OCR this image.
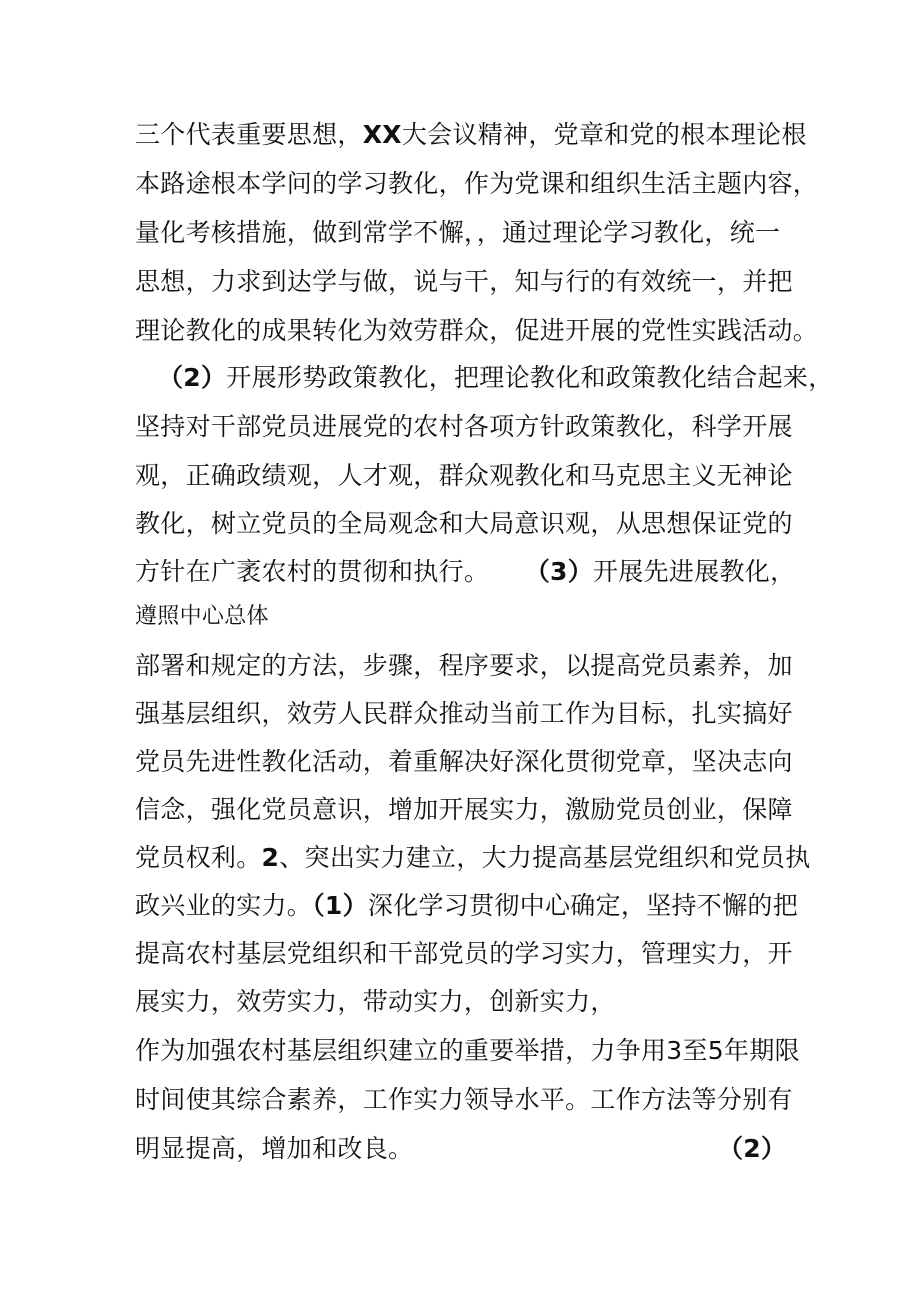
三个代表重要思想，XX大会议精神，党章和党的根本理论根

本路途根本学问的学习教化，作为党课和组织生活主题内容，

量化考核措施，做到常学不懈，，通过理论学习教化，统一

思想，力求到达学与做，说与干，知与行的有效统一，并把

理论教化的成果转化为效劳群众，促进开展的党性实践活动。

（2）开展形势政策教化，把理论教化和政策教化结合起来，

坚持对干部党员进展党的农村各项方针政策教化，科学开展

观，正确政绩观，人才观，群众观教化和马克思主义无神论

教化，树立党员的全局观念和大局意识观，从思想保证党的

方针在广袤农村的贯彻和执行。 （3）开展先进展教化，

遵照中心总体

部署和规定的方法，步骤，程序要求，以提高党员素养，加

强基层组织，效劳人民群众推动当前工作为目标，扎实搞好

党员先进性教化活动，着重解决好深化贯彻党章，坚决志向

信念，强化党员意识，增加开展实力，激励党员创业，保障

党员权利。2、突出实力建立，大力提高基层党组织和党员执

政兴业的实力。（1）深化学习贯彻中心确定，坚持不懈的把

提高农村基层党组织和干部党员的学习实力，管理实力，开

展实力，效劳实力，带动实力，创新实力，

作为加强农村基层组织建立的重要举措，力争用3至5年期限

时间使其综合素养，工作实力领导水平。工作方法等分别有

明显提高，增加和改良。	（2）
